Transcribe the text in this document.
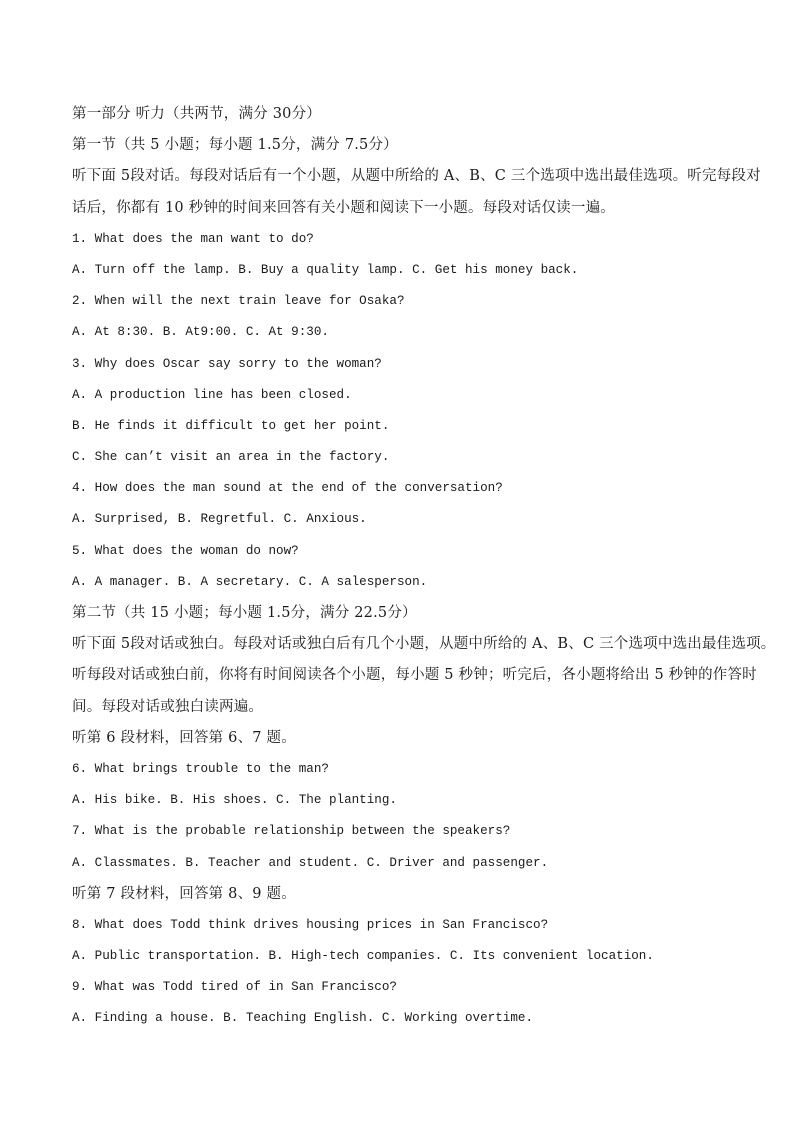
第一部分 听力（共两节，满分 30分）
第一节（共 5 小题；每小题 1.5分，满分 7.5分）
听下面 5段对话。每段对话后有一个小题，从题中所给的 A、B、C 三个选项中选出最佳选项。听完每段对
话后，你都有 10 秒钟的时间来回答有关小题和阅读下一小题。每段对话仅读一遍。
1. What does the man want to do?
A. Turn off the lamp. B. Buy a quality lamp. C. Get his money back.
2. When will the next train leave for Osaka?
A. At 8:30. B. At9:00. C. At 9:30.
3. Why does Oscar say sorry to the woman?
A. A production line has been closed.
B. He finds it difficult to get her point.
C. She can’t visit an area in the factory.
4. How does the man sound at the end of the conversation?
A. Surprised, B. Regretful. C. Anxious.
5. What does the woman do now?
A. A manager. B. A secretary. C. A salesperson.
第二节（共 15 小题；每小题 1.5分，满分 22.5分）
听下面 5段对话或独白。每段对话或独白后有几个小题，从题中所给的 A、B、C 三个选项中选出最佳选项。
听每段对话或独白前，你将有时间阅读各个小题，每小题 5 秒钟；听完后，各小题将给出 5 秒钟的作答时
间。每段对话或独白读两遍。
听第 6 段材料，回答第 6、7 题。
6. What brings trouble to the man?
A. His bike. B. His shoes. C. The planting.
7. What is the probable relationship between the speakers?
A. Classmates. B. Teacher and student. C. Driver and passenger.
听第 7 段材料，回答第 8、9 题。
8. What does Todd think drives housing prices in San Francisco?
A. Public transportation. B. High-tech companies. C. Its convenient location.
9. What was Todd tired of in San Francisco?
A. Finding a house. B. Teaching English. C. Working overtime.
